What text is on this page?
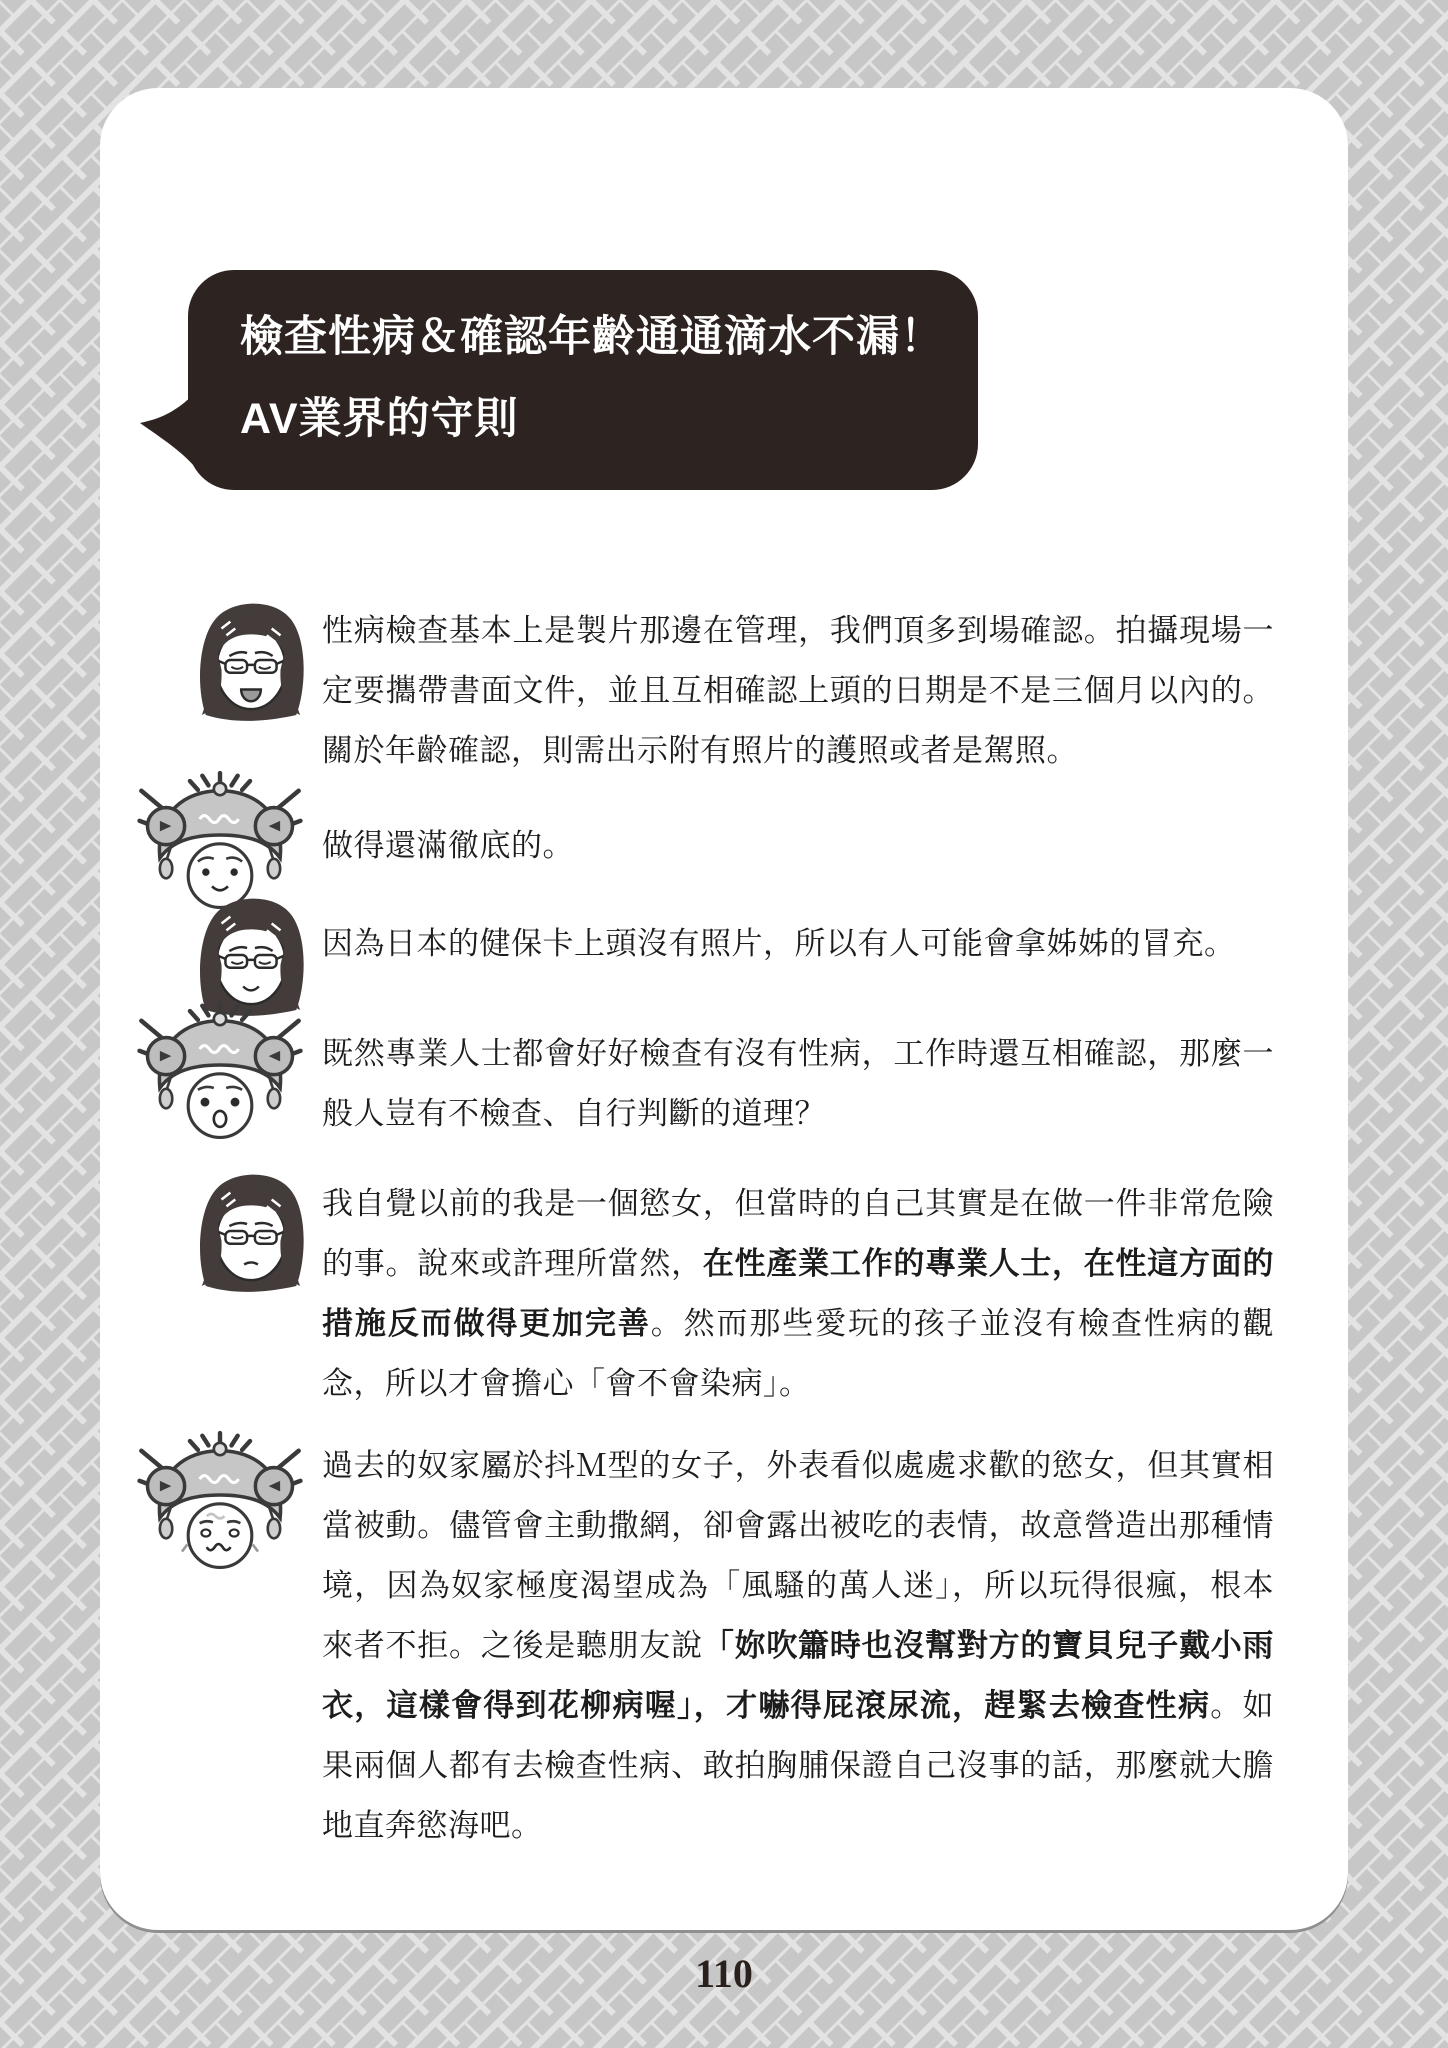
檢查性病＆確認年齡通通滴水不漏！
AV業界的守則

性病檢查基本上是製片那邊在管理，我們頂多到場確認。拍攝現場一定要攜帶書面文件，並且互相確認上頭的日期是不是三個月以內的。關於年齡確認，則需出示附有照片的護照或者是駕照。

做得還滿徹底的。

因為日本的健保卡上頭沒有照片，所以有人可能會拿姊姊的冒充。

既然專業人士都會好好檢查有沒有性病，工作時還互相確認，那麼一般人豈有不檢查、自行判斷的道理？

我自覺以前的我是一個慾女，但當時的自己其實是在做一件非常危險的事。說來或許理所當然，在性產業工作的專業人士，在性這方面的措施反而做得更加完善。然而那些愛玩的孩子並沒有檢查性病的觀念，所以才會擔心「會不會染病」。

過去的奴家屬於抖Ｍ型的女子，外表看似處處求歡的慾女，但其實相當被動。儘管會主動撒網，卻會露出被吃的表情，故意營造出那種情境，因為奴家極度渴望成為「風騷的萬人迷」，所以玩得很瘋，根本來者不拒。之後是聽朋友說「妳吹簫時也沒幫對方的寶貝兒子戴小雨衣，這樣會得到花柳病喔」，才嚇得屁滾尿流，趕緊去檢查性病。如果兩個人都有去檢查性病、敢拍胸脯保證自己沒事的話，那麼就大膽地直奔慾海吧。

110
